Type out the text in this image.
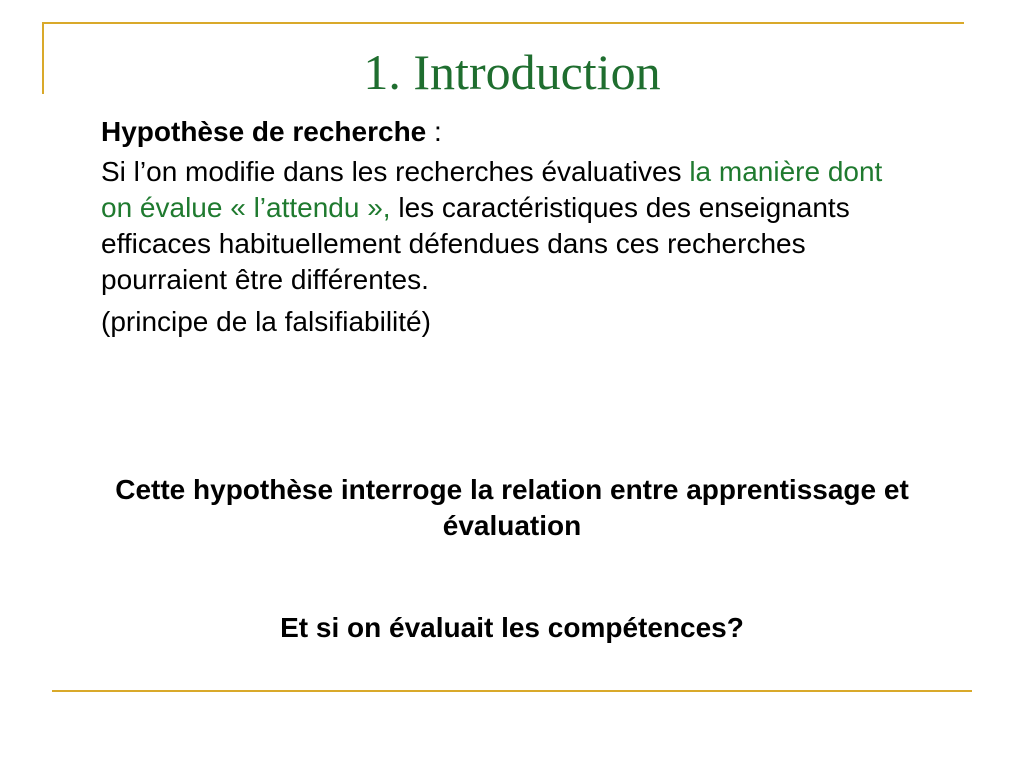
1. Introduction

Hypothèse de recherche :

Si l’on modifie dans les recherches évaluatives la manière dont on évalue « l’attendu », les caractéristiques des enseignants efficaces habituellement défendues dans ces recherches pourraient être différentes.

(principe de la falsifiabilité)

Cette hypothèse interroge la relation entre apprentissage et évaluation
Et si on évaluait les compétences?
